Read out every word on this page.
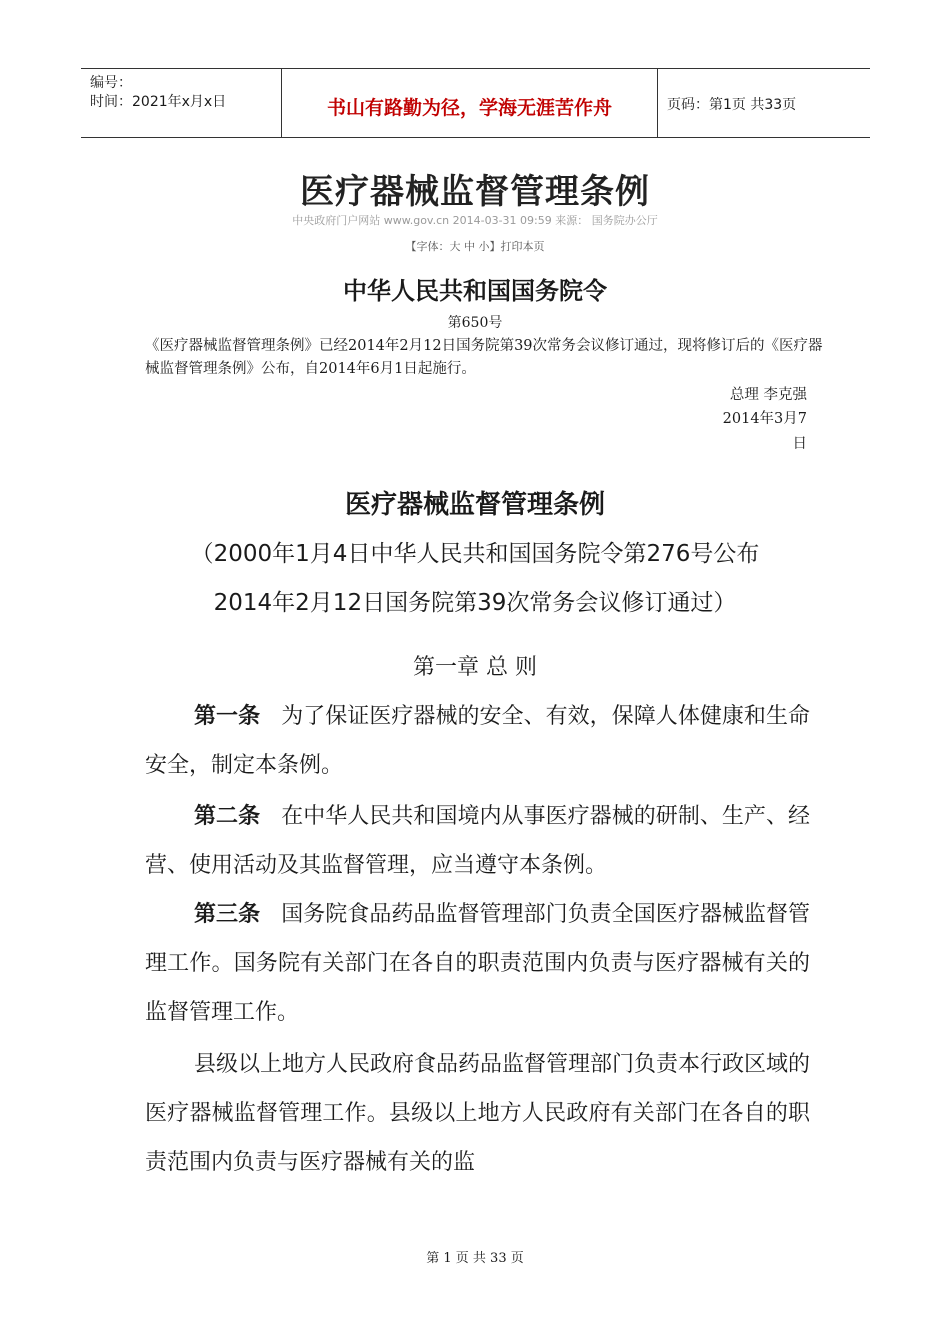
编号：
时间：2021年x月x日	书山有路勤为径，学海无涯苦作舟	页码：第1页 共33页
医疗器械监督管理条例
中央政府门户网站 www.gov.cn 2014-03-31 09:59 来源： 国务院办公厅
【字体：大 中 小】打印本页
中华人民共和国国务院令
第650号
《医疗器械监督管理条例》已经2014年2月12日国务院第39次常务会议修订通过，现将修订后的《医疗器械监督管理条例》公布，自2014年6月1日起施行。
总理 李克强
2014年3月7
日
医疗器械监督管理条例
（2000年1月4日中华人民共和国国务院令第276号公布
2014年2月12日国务院第39次常务会议修订通过）
第一章 总 则

第一条 为了保证医疗器械的安全、有效，保障人体健康和生命安全，制定本条例。

第二条 在中华人民共和国境内从事医疗器械的研制、生产、经营、使用活动及其监督管理，应当遵守本条例。

第三条 国务院食品药品监督管理部门负责全国医疗器械监督管理工作。国务院有关部门在各自的职责范围内负责与医疗器械有关的监督管理工作。

县级以上地方人民政府食品药品监督管理部门负责本行政区域的医疗器械监督管理工作。县级以上地方人民政府有关部门在各自的职责范围内负责与医疗器械有关的监

第 1 页 共 33 页
